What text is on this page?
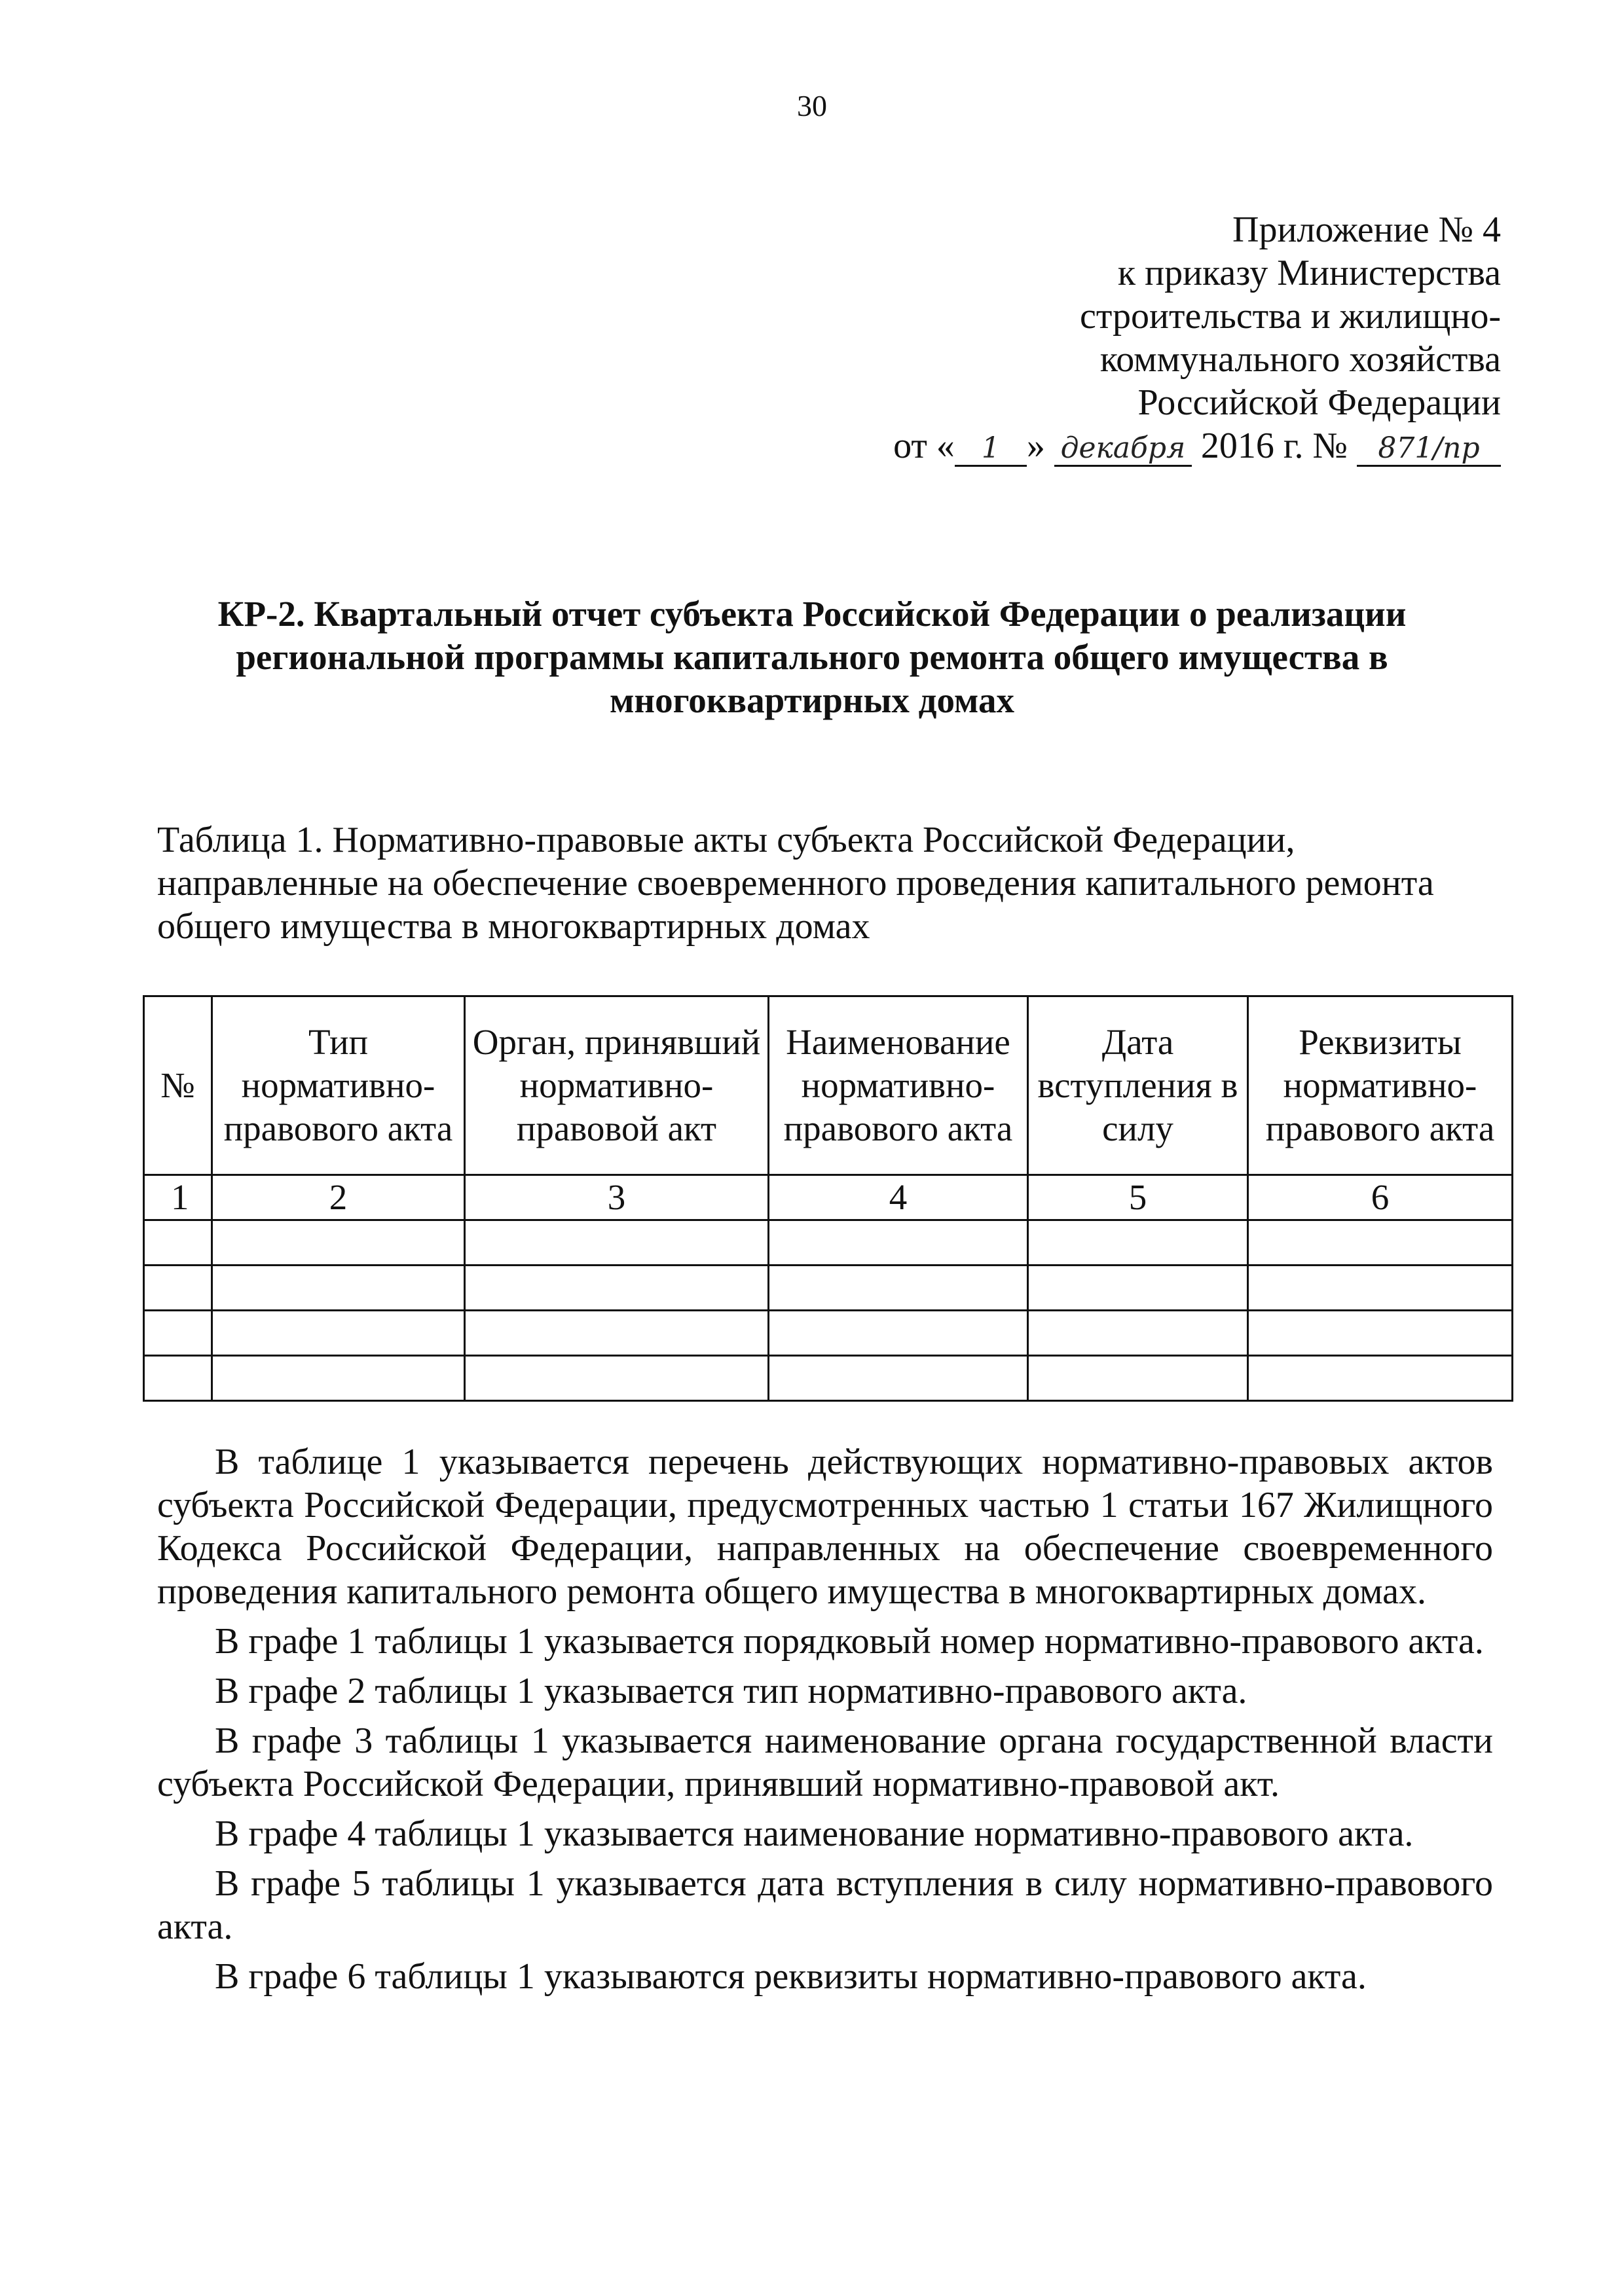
30
Приложение № 4
к приказу Министерства
строительства и жилищно-
коммунального хозяйства
Российской Федерации
от « 1 » декабря 2016 г. № 871/пр
КР-2. Квартальный отчет субъекта Российской Федерации о реализации региональной программы капитального ремонта общего имущества в многоквартирных домах
Таблица 1. Нормативно-правовые акты субъекта Российской Федерации, направленные на обеспечение своевременного проведения капитального ремонта общего имущества в многоквартирных домах
№	Тип нормативно-правового акта	Орган, принявший нормативно-правовой акт	Наименование нормативно-правового акта	Дата вступления в силу	Реквизиты нормативно-правового акта
1	2	3	4	5	6

В таблице 1 указывается перечень действующих нормативно-правовых актов субъекта Российской Федерации, предусмотренных частью 1 статьи 167 Жилищного Кодекса Российской Федерации, направленных на обеспечение своевременного проведения капитального ремонта общего имущества в многоквартирных домах.

В графе 1 таблицы 1 указывается порядковый номер нормативно-правового акта.

В графе 2 таблицы 1 указывается тип нормативно-правового акта.

В графе 3 таблицы 1 указывается наименование органа государственной власти субъекта Российской Федерации, принявший нормативно-правовой акт.

В графе 4 таблицы 1 указывается наименование нормативно-правового акта.

В графе 5 таблицы 1 указывается дата вступления в силу нормативно-правового акта.

В графе 6 таблицы 1 указываются реквизиты нормативно-правового акта.
